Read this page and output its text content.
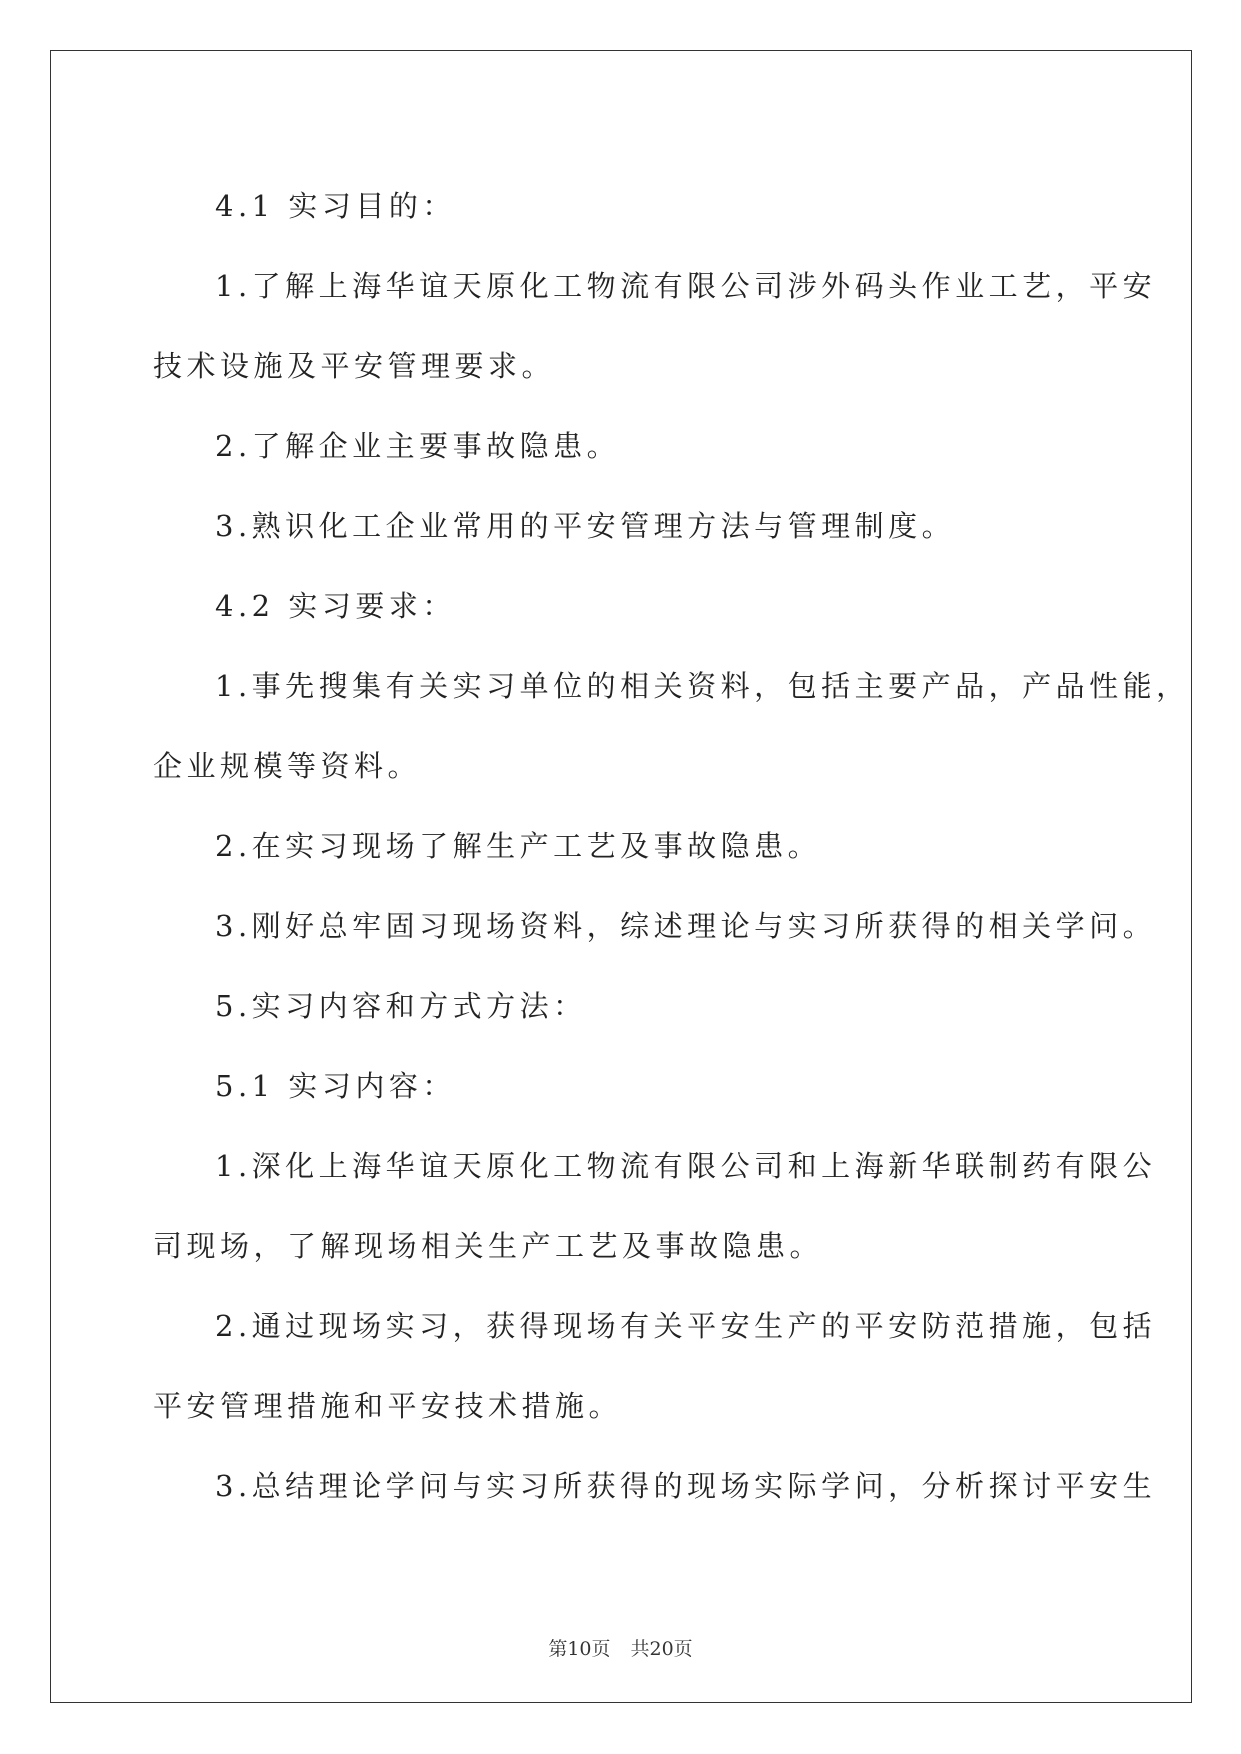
4.1 实习目的：

1.了解上海华谊天原化工物流有限公司涉外码头作业工艺，平安

技术设施及平安管理要求。

2.了解企业主要事故隐患。

3.熟识化工企业常用的平安管理方法与管理制度。

4.2 实习要求：

1.事先搜集有关实习单位的相关资料，包括主要产品，产品性能，

企业规模等资料。

2.在实习现场了解生产工艺及事故隐患。

3.刚好总牢固习现场资料，综述理论与实习所获得的相关学问。

5.实习内容和方式方法：

5.1 实习内容：

1.深化上海华谊天原化工物流有限公司和上海新华联制药有限公

司现场，了解现场相关生产工艺及事故隐患。

2.通过现场实习，获得现场有关平安生产的平安防范措施，包括

平安管理措施和平安技术措施。

3.总结理论学问与实习所获得的现场实际学问，分析探讨平安生

第10页 共20页
